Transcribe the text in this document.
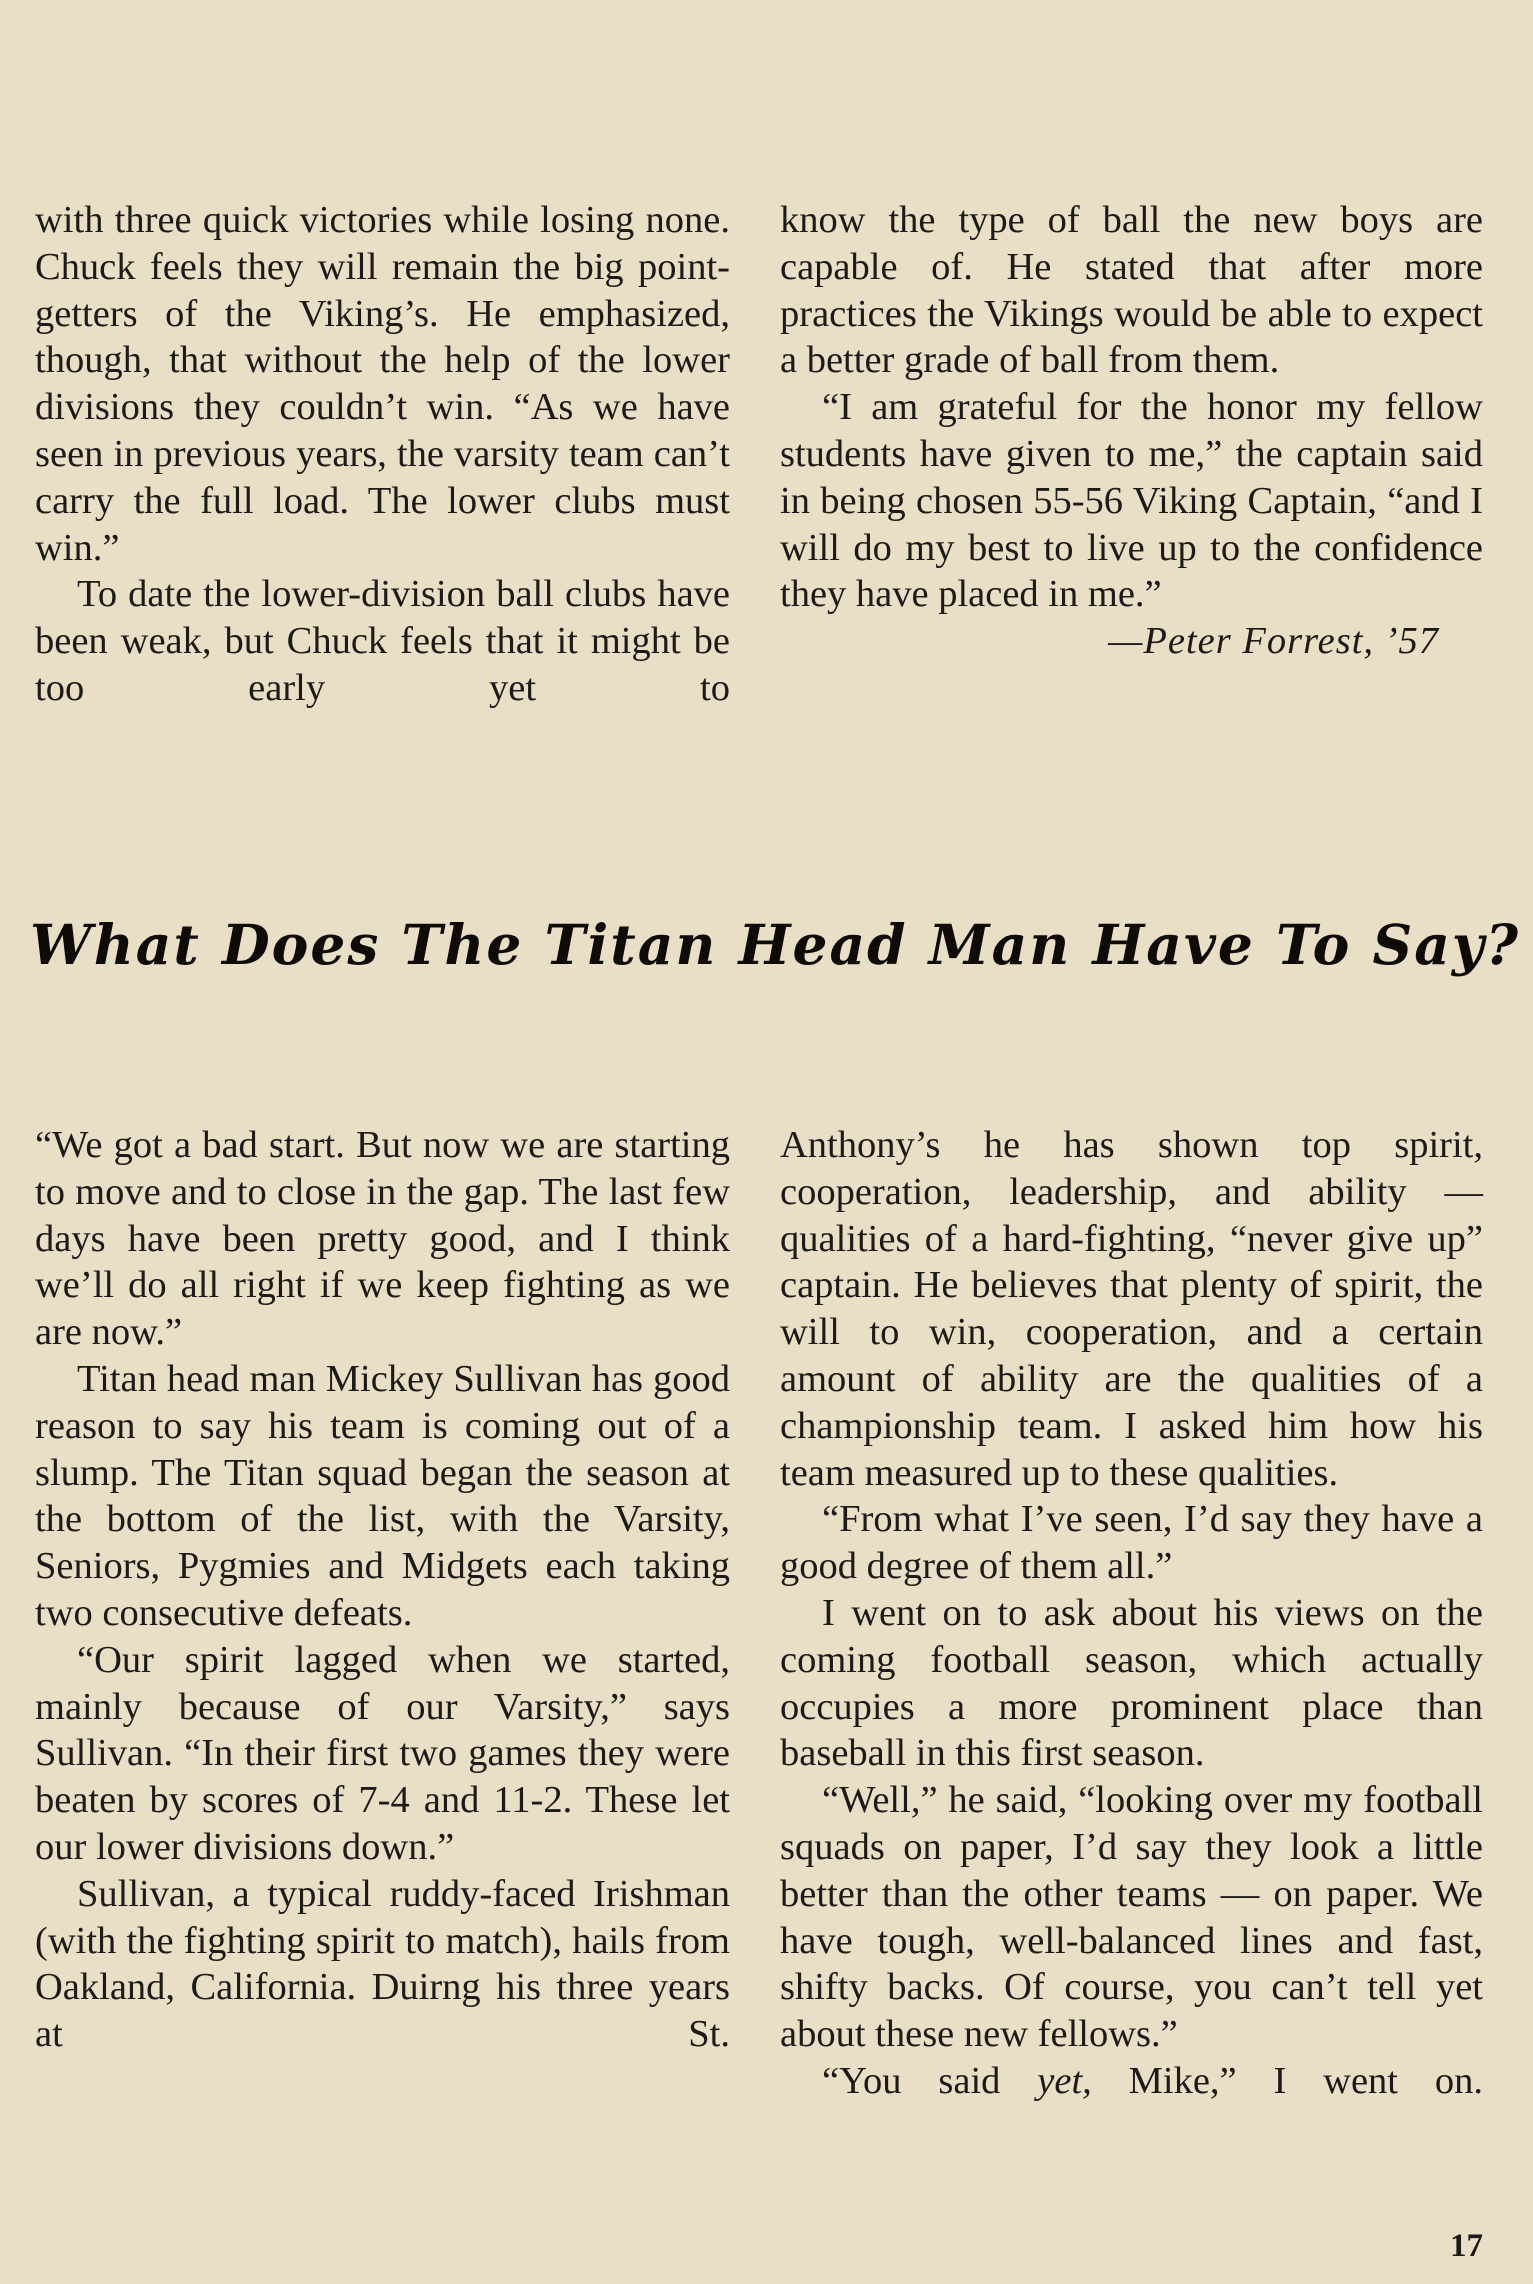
with three quick victories while losing none. Chuck feels they will remain the big point-getters of the Viking’s. He emphasized, though, that without the help of the lower divisions they couldn’t win. “As we have seen in previous years, the varsity team can’t carry the full load. The lower clubs must win.”

To date the lower-division ball clubs have been weak, but Chuck feels that it might be too early yet to

know the type of ball the new boys are capable of. He stated that after more practices the Vikings would be able to expect a better grade of ball from them.

“I am grateful for the honor my fellow students have given to me,” the captain said in being chosen 55-56 Viking Captain, “and I will do my best to live up to the confidence they have placed in me.”

—Peter Forrest, ’57

What Does The Titan Head Man Have To Say?

“We got a bad start. But now we are starting to move and to close in the gap. The last few days have been pretty good, and I think we’ll do all right if we keep fighting as we are now.”

Titan head man Mickey Sullivan has good reason to say his team is coming out of a slump. The Titan squad began the season at the bottom of the list, with the Varsity, Seniors, Pygmies and Midgets each taking two consecutive defeats.

“Our spirit lagged when we started, mainly because of our Varsity,” says Sullivan. “In their first two games they were beaten by scores of 7-4 and 11-2. These let our lower divisions down.”

Sullivan, a typical ruddy-faced Irishman (with the fighting spirit to match), hails from Oakland, California. Duirng his three years at St.

Anthony’s he has shown top spirit, cooperation, leadership, and ability — qualities of a hard-fighting, “never give up” captain. He believes that plenty of spirit, the will to win, cooperation, and a certain amount of ability are the qualities of a championship team. I asked him how his team measured up to these qualities.

“From what I’ve seen, I’d say they have a good degree of them all.”

I went on to ask about his views on the coming football season, which actually occupies a more prominent place than baseball in this first season.

“Well,” he said, “looking over my football squads on paper, I’d say they look a little better than the other teams — on paper. We have tough, well-balanced lines and fast, shifty backs. Of course, you can’t tell yet about these new fellows.”

“You said yet, Mike,” I went on.

17
